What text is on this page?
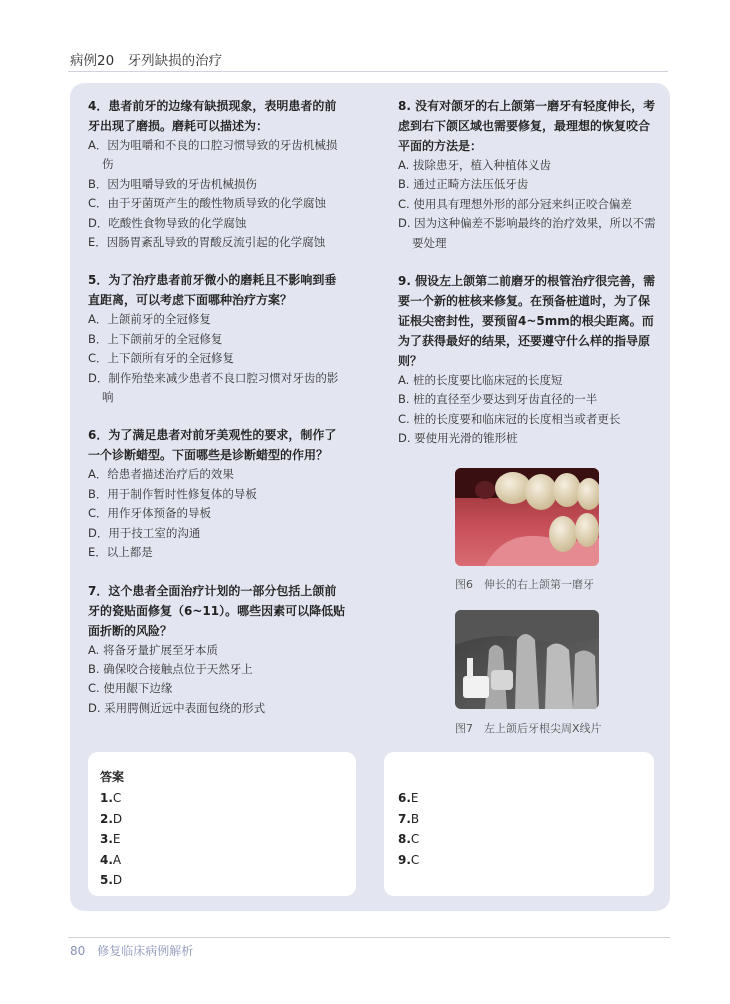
病例20　牙列缺损的治疗

4．患者前牙的边缘有缺损现象，表明患者的前牙出现了磨损。磨耗可以描述为：

A．因为咀嚼和不良的口腔习惯导致的牙齿机械损伤

B．因为咀嚼导致的牙齿机械损伤

C．由于牙菌斑产生的酸性物质导致的化学腐蚀

D．吃酸性食物导致的化学腐蚀

E．因肠胃紊乱导致的胃酸反流引起的化学腐蚀

5．为了治疗患者前牙微小的磨耗且不影响到垂直距离，可以考虑下面哪种治疗方案？

A．上颌前牙的全冠修复

B．上下颌前牙的全冠修复

C．上下颌所有牙的全冠修复

D．制作殆垫来减少患者不良口腔习惯对牙齿的影响

6．为了满足患者对前牙美观性的要求，制作了一个诊断蜡型。下面哪些是诊断蜡型的作用？

A．给患者描述治疗后的效果

B．用于制作暂时性修复体的导板

C．用作牙体预备的导板

D．用于技工室的沟通

E．以上都是

7．这个患者全面治疗计划的一部分包括上颌前牙的瓷贴面修复（6~11）。哪些因素可以降低贴面折断的风险？

A. 将备牙量扩展至牙本质

B. 确保咬合接触点位于天然牙上

C. 使用龈下边缘

D. 采用腭侧近远中表面包绕的形式

8. 没有对颌牙的右上颌第一磨牙有轻度伸长，考虑到右下颌区域也需要修复，最理想的恢复咬合平面的方法是：

A. 拔除患牙，植入种植体义齿

B. 通过正畸方法压低牙齿

C. 使用具有理想外形的部分冠来纠正咬合偏差

D. 因为这种偏差不影响最终的治疗效果，所以不需要处理

9. 假设左上颌第二前磨牙的根管治疗很完善，需要一个新的桩核来修复。在预备桩道时，为了保证根尖密封性，要预留4~5mm的根尖距离。而为了获得最好的结果，还要遵守什么样的指导原则？

A. 桩的长度要比临床冠的长度短

B. 桩的直径至少要达到牙齿直径的一半

C. 桩的长度要和临床冠的长度相当或者更长

D. 要使用光滑的锥形桩

图6　伸长的右上颌第一磨牙
图7　左上颌后牙根尖周X线片
答案
1.C
2.D
3.E
4.A
5.D
6.E
7.B
8.C
9.C
80 修复临床病例解析
